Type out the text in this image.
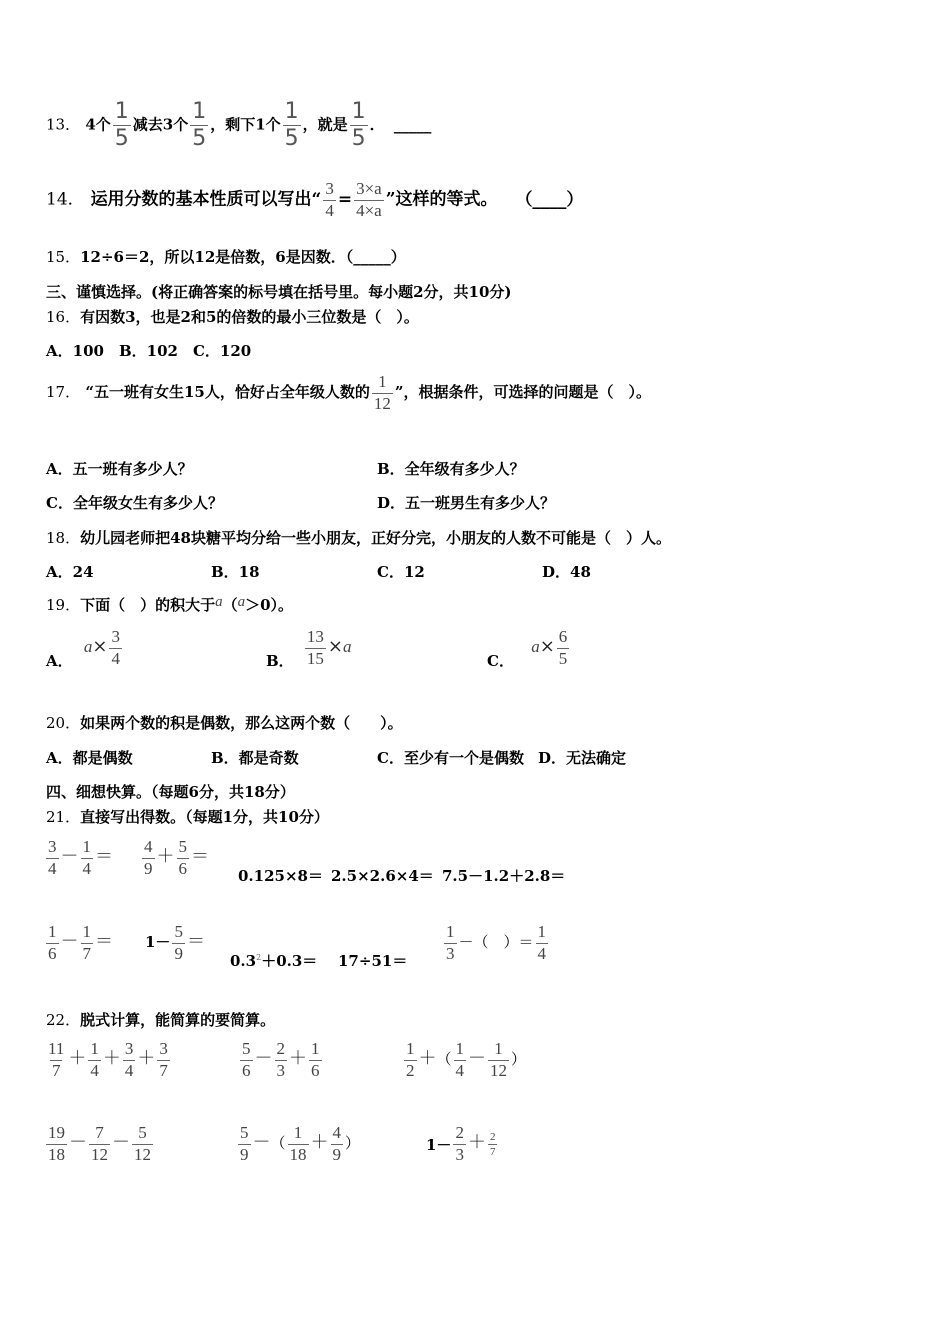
13． 4个 $\frac{1}{5}$ 减去3个 $\frac{1}{5}$ ，剩下1个 $\frac{1}{5}$ ，就是 $\frac{1}{5}$ ． _____
14． 运用分数的基本性质可以写出“ $\frac{3}{4} = \frac{3\times a}{4\times a}$ ”这样的等式。 （____）
15．12÷6＝2，所以12是倍数，6是因数．（_____）
三、谨慎选择。(将正确答案的标号填在括号里。每小题2分，共10分)
16．有因数3，也是2和5的倍数的最小三位数是（　）。
A．100　B．102　C．120
17． “五一班有女生15人，恰好占全年级人数的 $\frac{1}{12}$ ”，根据条件，可选择的问题是（　）。
A．五一班有多少人？	B．全年级有多少人？
C．全年级女生有多少人？	D．五一班男生有多少人？
18．幼儿园老师把48块糖平均分给一些小朋友，正好分完，小朋友的人数不可能是（　）人。
A．24	B．18	C．12	D．48
19．下面（　）的积大于a（a＞0）。
A． $a\times \frac{3}{4}$	B． $\frac{13}{15} \times a$
C． $a\times \frac{6}{5}$
20．如果两个数的积是偶数，那么这两个数（　　）。
A．都是偶数	B．都是奇数	C．至少有一个是偶数 D．无法确定
四、细想快算。（每题6分，共18分）
21．直接写出得数。（每题1分，共10分）
$\frac{3}{4} - \frac{1}{4} = \frac{4}{9} + \frac{5}{6}$ ＝
0.125×8＝ 2.5×2.6×4＝ 7.5－1.2＋2.8＝
$\frac{1}{6} - \frac{1}{7} = 1- \frac{5}{9}$ ＝
$0.3^2+0.3= 17\div 51= \frac{1}{3}$ －（　）＝ $\frac{1}{4}$
22．脱式计算，能简算的要简算。
$\frac{11}{7} + \frac{1}{4} + \frac{3}{4} + \frac{3}{7}$	$\frac{5}{6} - \frac{2}{3} + \frac{1}{6}$	$\frac{1}{2}$ ＋（ $\frac{1}{4} - \frac{1}{12}$ ）
$\frac{19}{18} - \frac{7}{12} - \frac{5}{12}$	$\frac{5}{9}$ －（ $\frac{1}{18} + \frac{4}{9}$ ）	$1- \frac{2}{3} + \frac{2}{7}$
